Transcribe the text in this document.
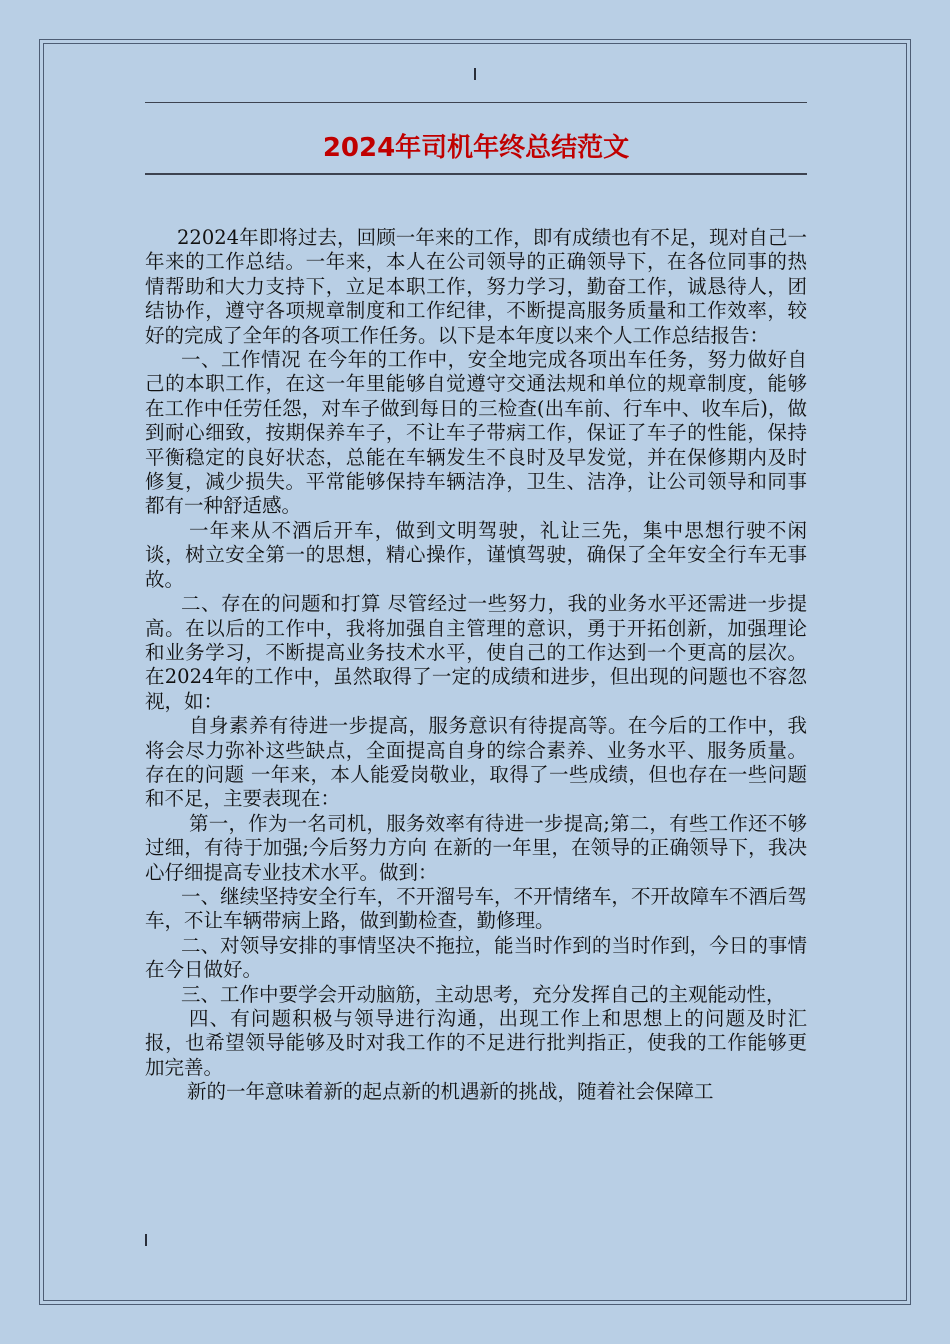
2024年司机年终总结范文

22024年即将过去，回顾一年来的工作，即有成绩也有不足，现对自己一年来的工作总结。一年来，本人在公司领导的正确领导下，在各位同事的热情帮助和大力支持下，立足本职工作，努力学习，勤奋工作，诚恳待人，团结协作，遵守各项规章制度和工作纪律，不断提高服务质量和工作效率，较好的完成了全年的各项工作任务。以下是本年度以来个人工作总结报告：

一、工作情况 在今年的工作中，安全地完成各项出车任务，努力做好自己的本职工作，在这一年里能够自觉遵守交通法规和单位的规章制度，能够在工作中任劳任怨，对车子做到每日的三检查(出车前、行车中、收车后)，做到耐心细致，按期保养车子，不让车子带病工作，保证了车子的性能，保持平衡稳定的良好状态，总能在车辆发生不良时及早发觉，并在保修期内及时修复，减少损失。平常能够保持车辆洁净，卫生、洁净，让公司领导和同事都有一种舒适感。

一年来从不酒后开车，做到文明驾驶，礼让三先，集中思想行驶不闲谈，树立安全第一的思想，精心操作，谨慎驾驶，确保了全年安全行车无事故。

二、存在的问题和打算 尽管经过一些努力，我的业务水平还需进一步提高。在以后的工作中，我将加强自主管理的意识，勇于开拓创新，加强理论和业务学习，不断提高业务技术水平，使自己的工作达到一个更高的层次。在2024年的工作中，虽然取得了一定的成绩和进步，但出现的问题也不容忽视，如：

自身素养有待进一步提高，服务意识有待提高等。在今后的工作中，我将会尽力弥补这些缺点，全面提高自身的综合素养、业务水平、服务质量。存在的问题 一年来，本人能爱岗敬业，取得了一些成绩，但也存在一些问题和不足，主要表现在：

第一，作为一名司机，服务效率有待进一步提高;第二，有些工作还不够过细，有待于加强;今后努力方向 在新的一年里，在领导的正确领导下，我决心仔细提高专业技术水平。做到：

一、继续坚持安全行车，不开溜号车，不开情绪车，不开故障车不酒后驾车，不让车辆带病上路，做到勤检查，勤修理。

二、对领导安排的事情坚决不拖拉，能当时作到的当时作到，今日的事情在今日做好。

三、工作中要学会开动脑筋，主动思考，充分发挥自己的主观能动性，

四、有问题积极与领导进行沟通，出现工作上和思想上的问题及时汇报，也希望领导能够及时对我工作的不足进行批判指正，使我的工作能够更加完善。

新的一年意味着新的起点新的机遇新的挑战，随着社会保障工
